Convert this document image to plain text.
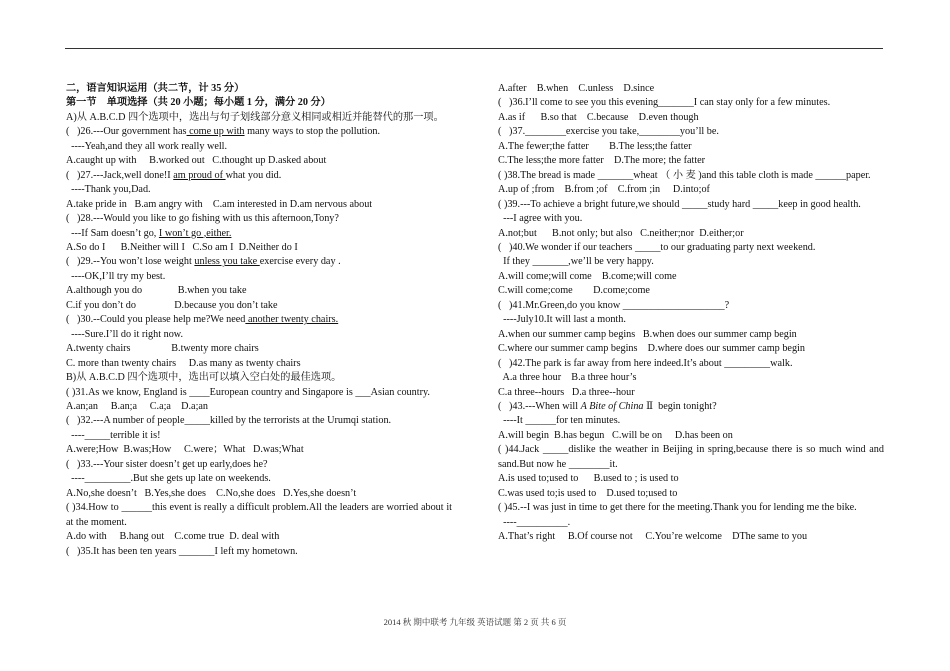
二，语言知识运用（共二节，计 35 分）
第一节    单项选择（共 20 小题；每小题 1 分，满分 20 分）
A)从 A.B.C.D 四个选项中，选出与句子划线部分意义相同或相近并能替代的那一项。
(   )26.---Our government has come up with many ways to stop the pollution.
----Yeah,and they all work really well.
A.caught up with     B.worked out   C.thought up D.asked about
(   )27.---Jack,well done!I am proud of what you did.
----Thank you,Dad.
A.take pride in   B.am angry with    C.am interested in D.am nervous about
(   )28.---Would you like to go fishing with us this afternoon,Tony?
---If Sam doesn’t go, I won’t go ,either.
A.So do I      B.Neither will I   C.So am I  D.Neither do I
(   )29.--You won’t lose weight unless you take exercise every day .
----OK,I’ll try my best.
A.although you do              B.when you take
C.if you don’t do               D.because you don’t take
(   )30.--Could you please help me?We need another twenty chairs.
----Sure.I’ll do it right now.
A.twenty chairs                B.twenty more chairs
C. more than twenty chairs     D.as many as twenty chairs
B)从 A.B.C.D 四个选项中，选出可以填入空白处的最佳选项。
( )31.As we know, England is ____European country and Singapore is ___Asian country.
A.an;an     B.an;a     C.a;a    D.a;an
(   )32.---A number of people_____killed by the terrorists at the Urumqi station.
----_____terrible it is!
A.were;How  B.was;How     C.were；What   D.was;What
(   )33.---Your sister doesn’t get up early,does he?
----_________.But she gets up late on weekends.
A.No,she doesn’t   B.Yes,she does    C.No,she does   D.Yes,she doesn’t
( )34.How to ______this event is really a difficult problem.All the leaders are worried about it at the moment.
A.do with     B.hang out    C.come true  D. deal with
(   )35.It has been ten years _______I left my hometown.
A.after    B.when    C.unless    D.since
(   )36.I’ll come to see you this evening_______I can stay only for a few minutes.
A.as if      B.so that    C.because    D.even though
(   )37.________exercise you take,________you’ll be.
A.The fewer;the fatter        B.The less;the fatter
C.The less;the more fatter    D.The more; the fatter
( )38.The bread is made _______wheat （ 小 麦 )and this table cloth is made ______paper.
A.up of ;from    B.from ;of    C.from ;in     D.into;of
( )39.---To achieve a bright future,we should _____study hard _____keep in good health.
---I agree with you.
A.not;but      B.not only; but also   C.neither;nor  D.either;or
(   )40.We wonder if our teachers _____to our graduating party next weekend.
If they _______,we’ll be very happy.
A.will come;will come    B.come;will come
C.will come;come        D.come;come
(   )41.Mr.Green,do you know ____________________?
----July10.It will last a month.
A.when our summer camp begins   B.when does our summer camp begin
C.where our summer camp begins    D.where does our summer camp begin
(   )42.The park is far away from here indeed.It’s about _________walk.
A.a three hour    B.a three hour’s
C.a three--hours   D.a three--hour
(   )43.---When will A Bite of China Ⅱ  begin tonight?
----It ______for ten minutes.
A.will begin  B.has begun   C.will be on     D.has been on
( )44.Jack _____dislike the weather in Beijing in spring,because there is so much wind and sand.But now he ________it.
A.is used to;used to      B.used to ; is used to
C.was used to;is used to    D.used to;used to
( )45.--I was just in time to get there for the meeting.Thank you for lending me the bike.
----__________.
A.That’s right     B.Of course not     C.You’re welcome    DThe same to you
2014 秋 期中联考 九年级 英语试题 第 2 页 共 6 页
